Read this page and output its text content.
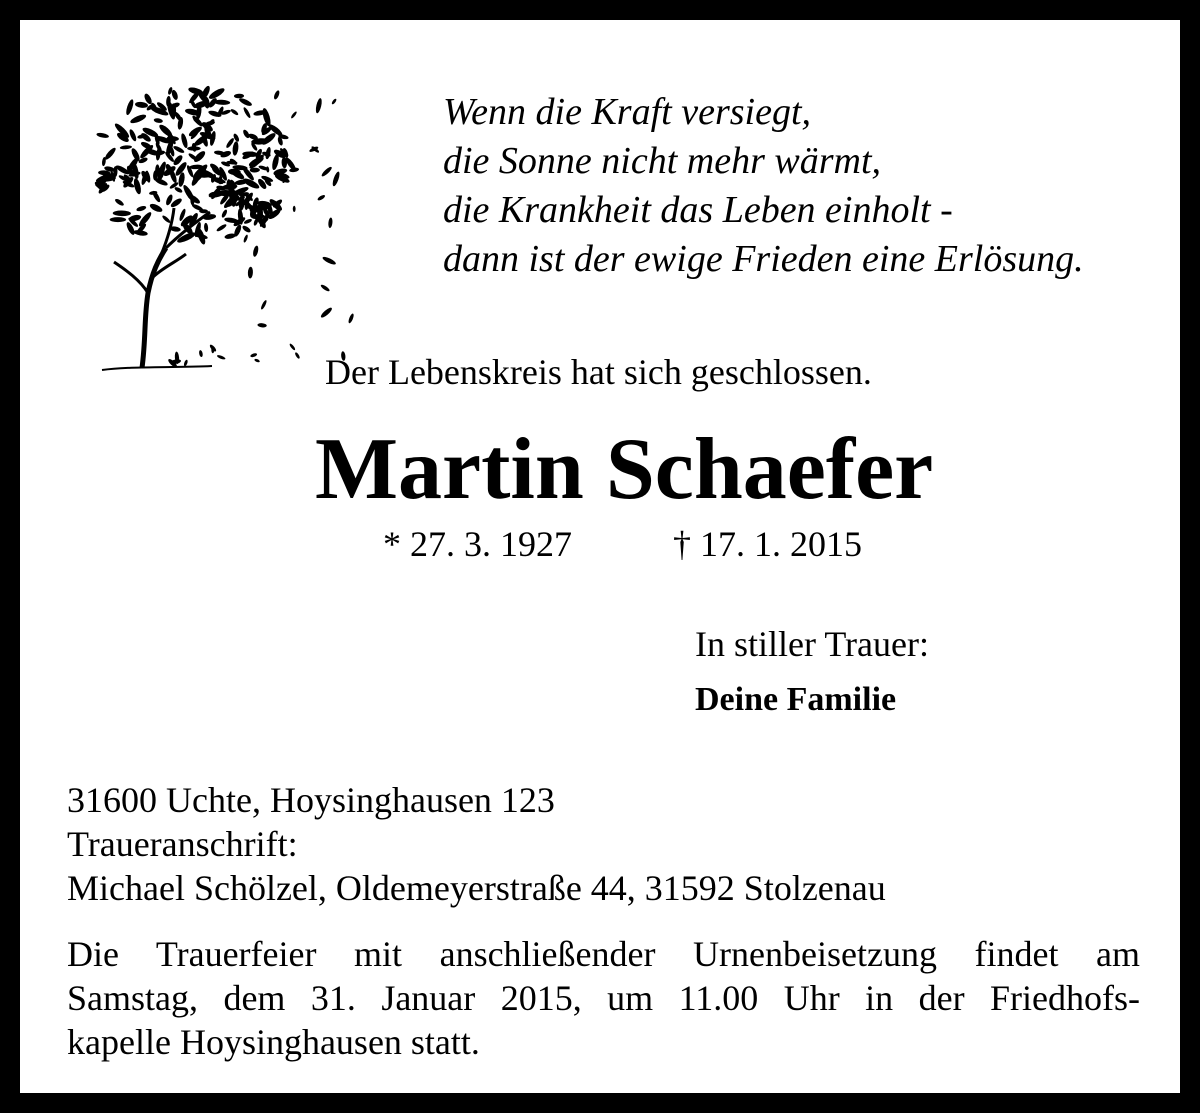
Wenn die Kraft versiegt,
die Sonne nicht mehr wärmt,
die Krankheit das Leben einholt -
dann ist der ewige Frieden eine Erlösung.
Der Lebenskreis hat sich geschlossen.
Martin Schaefer
* 27. 3. 1927	† 17. 1. 2015
In stiller Trauer:
Deine Familie
31600 Uchte, Hoysinghausen 123
Traueranschrift:
Michael Schölzel, Oldemeyerstraße 44, 31592 Stolzenau
Die Trauerfeier mit anschließender Urnenbeisetzung findet am
Samstag, dem 31. Januar 2015, um 11.00 Uhr in der Friedhofs-
kapelle Hoysinghausen statt.
